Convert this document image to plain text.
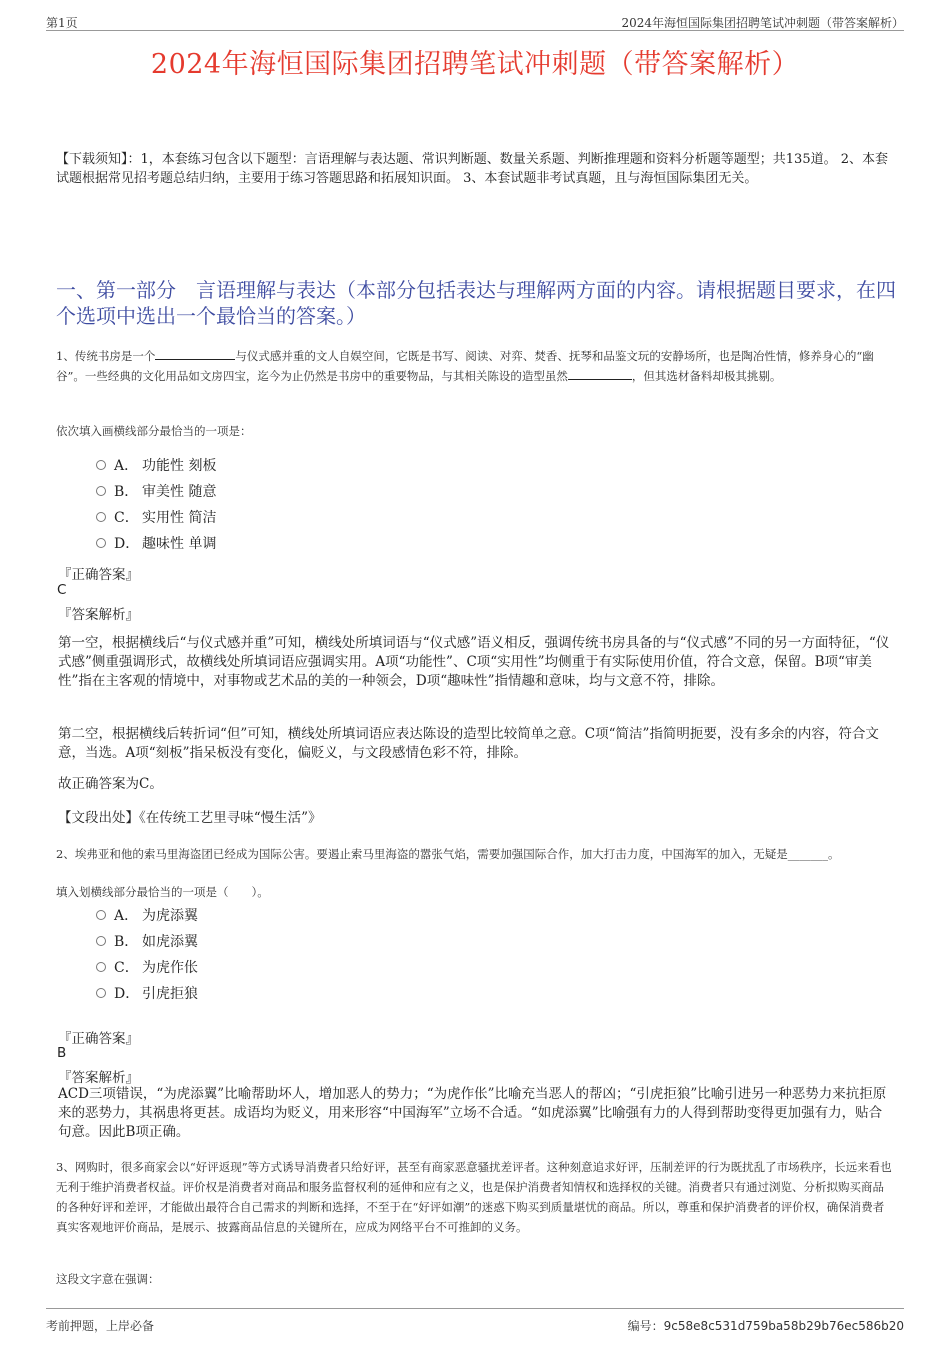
第1页	2024年海恒国际集团招聘笔试冲刺题（带答案解析）
2024年海恒国际集团招聘笔试冲刺题（带答案解析）
【下载须知】：1，本套练习包含以下题型：言语理解与表达题、常识判断题、数量关系题、判断推理题和资料分析题等题型；共135道。 2、本套试题根据常见招考题总结归纳，主要用于练习答题思路和拓展知识面。 3、本套试题非考试真题，且与海恒国际集团无关。
一、第一部分　言语理解与表达（本部分包括表达与理解两方面的内容。请根据题目要求，在四个选项中选出一个最恰当的答案。）
1、传统书房是一个	与仪式感并重的文人自娱空间，它既是书写、阅读、对弈、焚香、抚琴和品鉴文玩的安静场所，也是陶冶性情，修养身心的“幽谷”。一些经典的文化用品如文房四宝，迄今为止仍然是书房中的重要物品，与其相关陈设的造型虽然	，但其选材备料却极其挑剔。
依次填入画横线部分最恰当的一项是：
A． 功能性 刻板
B． 审美性 随意
C． 实用性 简洁
D． 趣味性 单调
『正确答案』
C
『答案解析』
第一空，根据横线后“与仪式感并重”可知，横线处所填词语与“仪式感”语义相反，强调传统书房具备的与“仪式感”不同的另一方面特征，“仪式感”侧重强调形式，故横线处所填词语应强调实用。A项“功能性”、C项“实用性”均侧重于有实际使用价值，符合文意，保留。B项“审美性”指在主客观的情境中，对事物或艺术品的美的一种领会，D项“趣味性”指情趣和意味，均与文意不符，排除。
第二空，根据横线后转折词“但”可知，横线处所填词语应表达陈设的造型比较简单之意。C项“简洁”指简明扼要，没有多余的内容，符合文意，当选。A项“刻板”指呆板没有变化，偏贬义，与文段感情色彩不符，排除。
故正确答案为C。
【文段出处】《在传统工艺里寻味“慢生活”》
2、埃弗亚和他的索马里海盗团已经成为国际公害。要遏止索马里海盗的嚣张气焰，需要加强国际合作，加大打击力度，中国海军的加入，无疑是_______。
填入划横线部分最恰当的一项是（　　）。
A． 为虎添翼
B． 如虎添翼
C． 为虎作伥
D． 引虎拒狼
『正确答案』
B
『答案解析』
ACD三项错误，“为虎添翼”比喻帮助坏人，增加恶人的势力；“为虎作伥”比喻充当恶人的帮凶；“引虎拒狼”比喻引进另一种恶势力来抗拒原来的恶势力，其祸患将更甚。成语均为贬义，用来形容“中国海军”立场不合适。“如虎添翼”比喻强有力的人得到帮助变得更加强有力，贴合句意。因此B项正确。
3、网购时，很多商家会以“好评返现”等方式诱导消费者只给好评，甚至有商家恶意骚扰差评者。这种刻意追求好评，压制差评的行为既扰乱了市场秩序，长远来看也无利于维护消费者权益。评价权是消费者对商品和服务监督权利的延伸和应有之义，也是保护消费者知情权和选择权的关键。消费者只有通过浏览、分析拟购买商品的各种好评和差评，才能做出最符合自己需求的判断和选择，不至于在“好评如潮”的迷惑下购买到质量堪忧的商品。所以，尊重和保护消费者的评价权，确保消费者真实客观地评价商品，是展示、披露商品信息的关键所在，应成为网络平台不可推卸的义务。
这段文字意在强调：
考前押题，上岸必备	编号：9c58e8c531d759ba58b29b76ec586b20
